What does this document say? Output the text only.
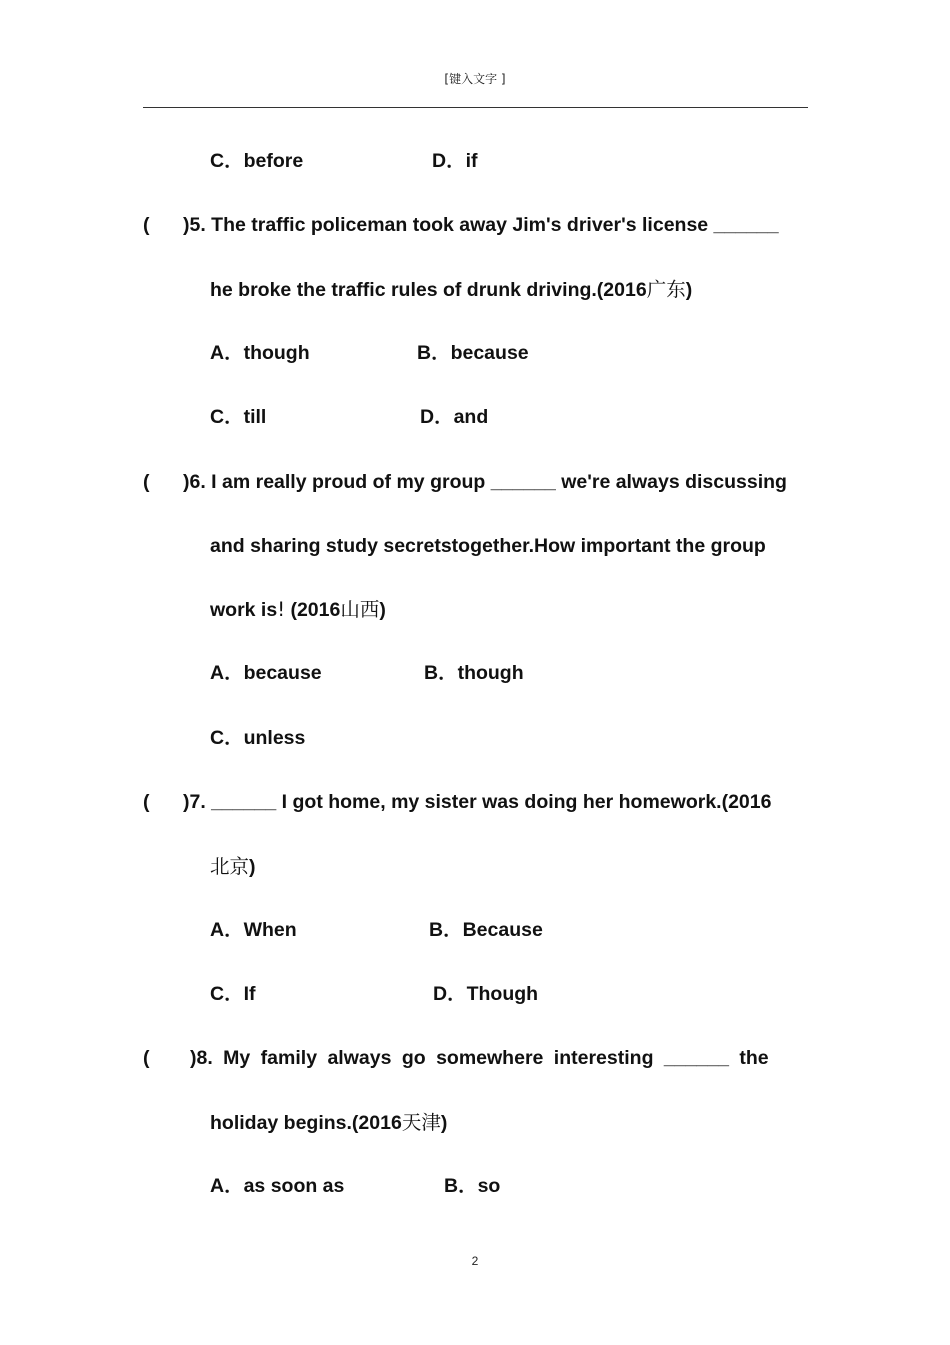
[键入文字 ]
C．before	D．if
( )5. The traffic policeman took away Jim's driver's license ______
he broke the traffic rules of drunk driving.(2016广东)
A．though	B．because
C．till	D．and
( )6. I am really proud of my group ______ we're always discussing
and sharing study secretstogether.How important the group
work is! (2016山西)
A．because	B．though
C．unless
( )7. ______ I got home, my sister was doing her homework.(2016
北京)
A．When	B．Because
C．If	D．Though
( )8. My family always go somewhere interesting ______ the
holiday begins.(2016天津)
A．as soon as	B．so
2
